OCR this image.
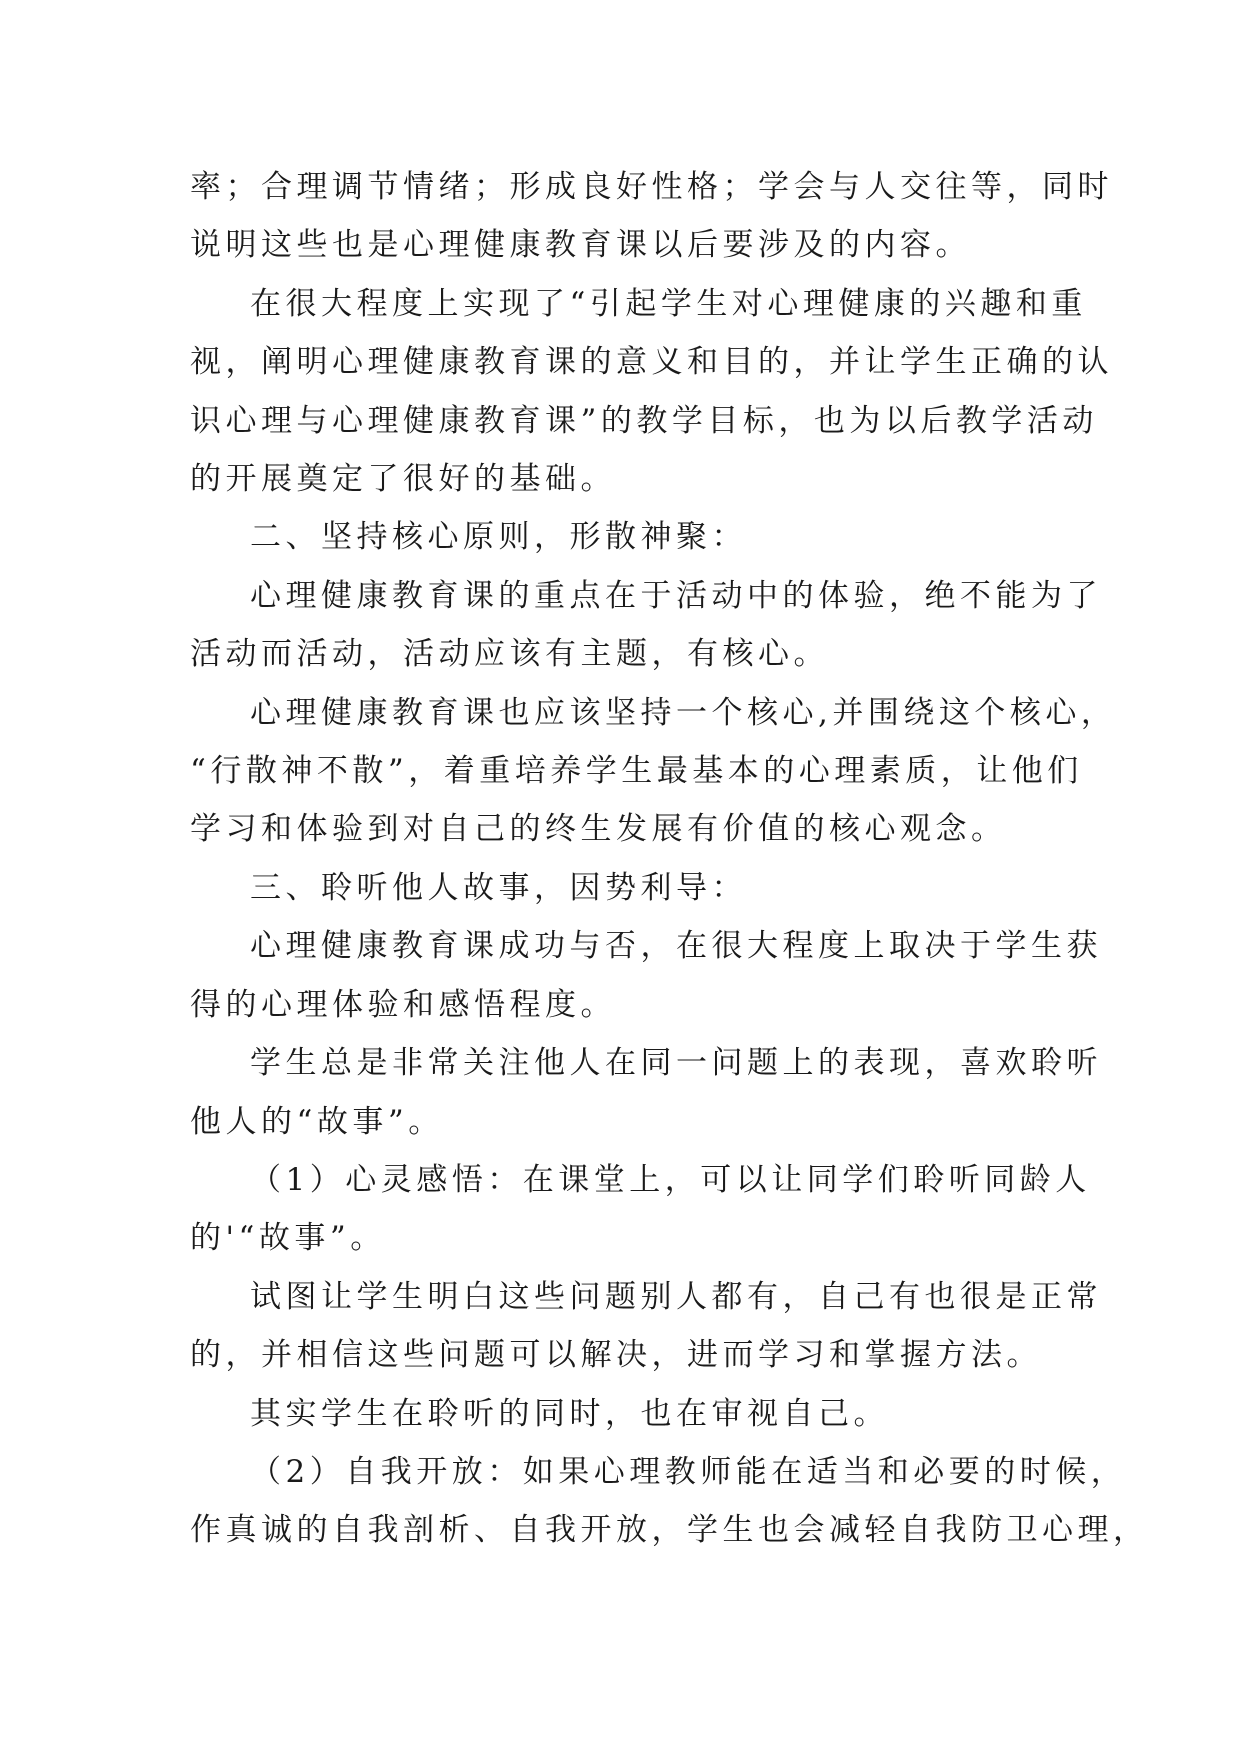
率；合理调节情绪；形成良好性格；学会与人交往等，同时
说明这些也是心理健康教育课以后要涉及的内容。

在很大程度上实现了“引起学生对心理健康的兴趣和重
视，阐明心理健康教育课的意义和目的，并让学生正确的认
识心理与心理健康教育课”的教学目标，也为以后教学活动
的开展奠定了很好的基础。

二、坚持核心原则，形散神聚：

心理健康教育课的重点在于活动中的体验，绝不能为了
活动而活动，活动应该有主题，有核心。

心理健康教育课也应该坚持一个核心,并围绕这个核心，
“行散神不散”，着重培养学生最基本的心理素质，让他们
学习和体验到对自己的终生发展有价值的核心观念。

三、聆听他人故事，因势利导：

心理健康教育课成功与否，在很大程度上取决于学生获
得的心理体验和感悟程度。

学生总是非常关注他人在同一问题上的表现，喜欢聆听
他人的“故事”。

（1）心灵感悟：在课堂上，可以让同学们聆听同龄人
的'“故事”。

试图让学生明白这些问题别人都有，自己有也很是正常
的，并相信这些问题可以解决，进而学习和掌握方法。

其实学生在聆听的同时，也在审视自己。

（2）自我开放：如果心理教师能在适当和必要的时候，
作真诚的自我剖析、自我开放，学生也会减轻自我防卫心理，
